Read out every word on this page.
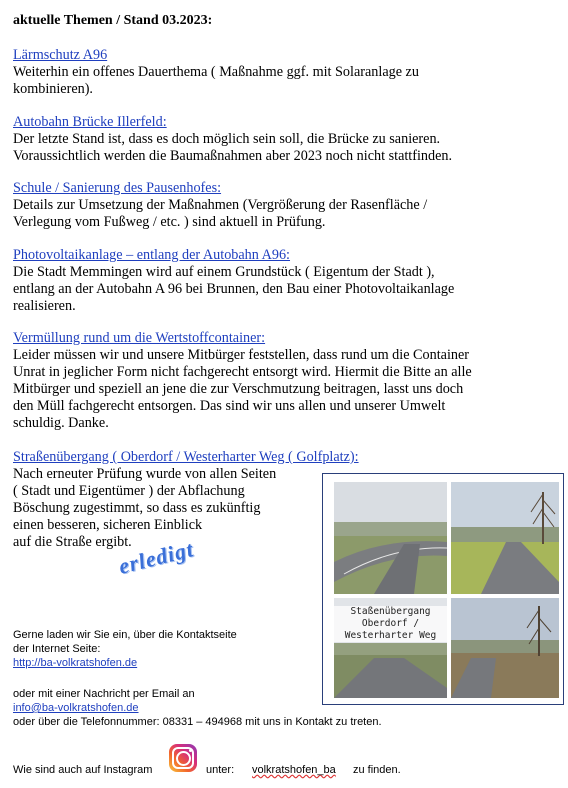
aktuelle Themen / Stand 03.2023:
Lärmschutz A96
Weiterhin ein offenes Dauerthema ( Maßnahme ggf. mit Solaranlage zu
kombinieren).
Autobahn Brücke Illerfeld:
Der letzte Stand ist, dass es doch möglich sein soll, die Brücke zu sanieren.
Voraussichtlich werden die Baumaßnahmen aber 2023 noch nicht stattfinden.
Schule / Sanierung des Pausenhofes:
Details zur Umsetzung der Maßnahmen (Vergrößerung der Rasenfläche /
Verlegung vom Fußweg / etc. ) sind aktuell in Prüfung.
Photovoltaikanlage – entlang der Autobahn A96:
Die Stadt Memmingen wird auf einem Grundstück ( Eigentum der Stadt ),
entlang an der Autobahn A 96 bei Brunnen, den Bau einer Photovoltaikanlage
realisieren.
Vermüllung rund um die Wertstoffcontainer:
Leider müssen wir und unsere Mitbürger feststellen, dass rund um die Container
Unrat in jeglicher Form nicht fachgerecht entsorgt wird. Hiermit die Bitte an alle
Mitbürger und speziell an jene die zur Verschmutzung beitragen, lasst uns doch
den Müll fachgerecht entsorgen. Das sind wir uns allen und unserer Umwelt
schuldig. Danke.
Straßenübergang ( Oberdorf / Westerharter Weg ( Golfplatz):
Nach erneuter Prüfung wurde von allen Seiten
( Stadt und Eigentümer ) der Abflachung
Böschung zugestimmt, so dass es zukünftig
einen besseren, sicheren Einblick
auf die Straße ergibt.
erledigt
Staßenübergang
Oberdorf /
Westerharter Weg
Gerne laden wir Sie ein, über die Kontaktseite
der Internet Seite:
http://ba-volkratshofen.de
oder mit einer Nachricht per Email an
info@ba-volkratshofen.de
oder über die Telefonnummer: 08331 – 494968 mit uns in Kontakt zu treten.
Wie sind auch auf Instagram	unter: volkratshofen_ba zu finden.
